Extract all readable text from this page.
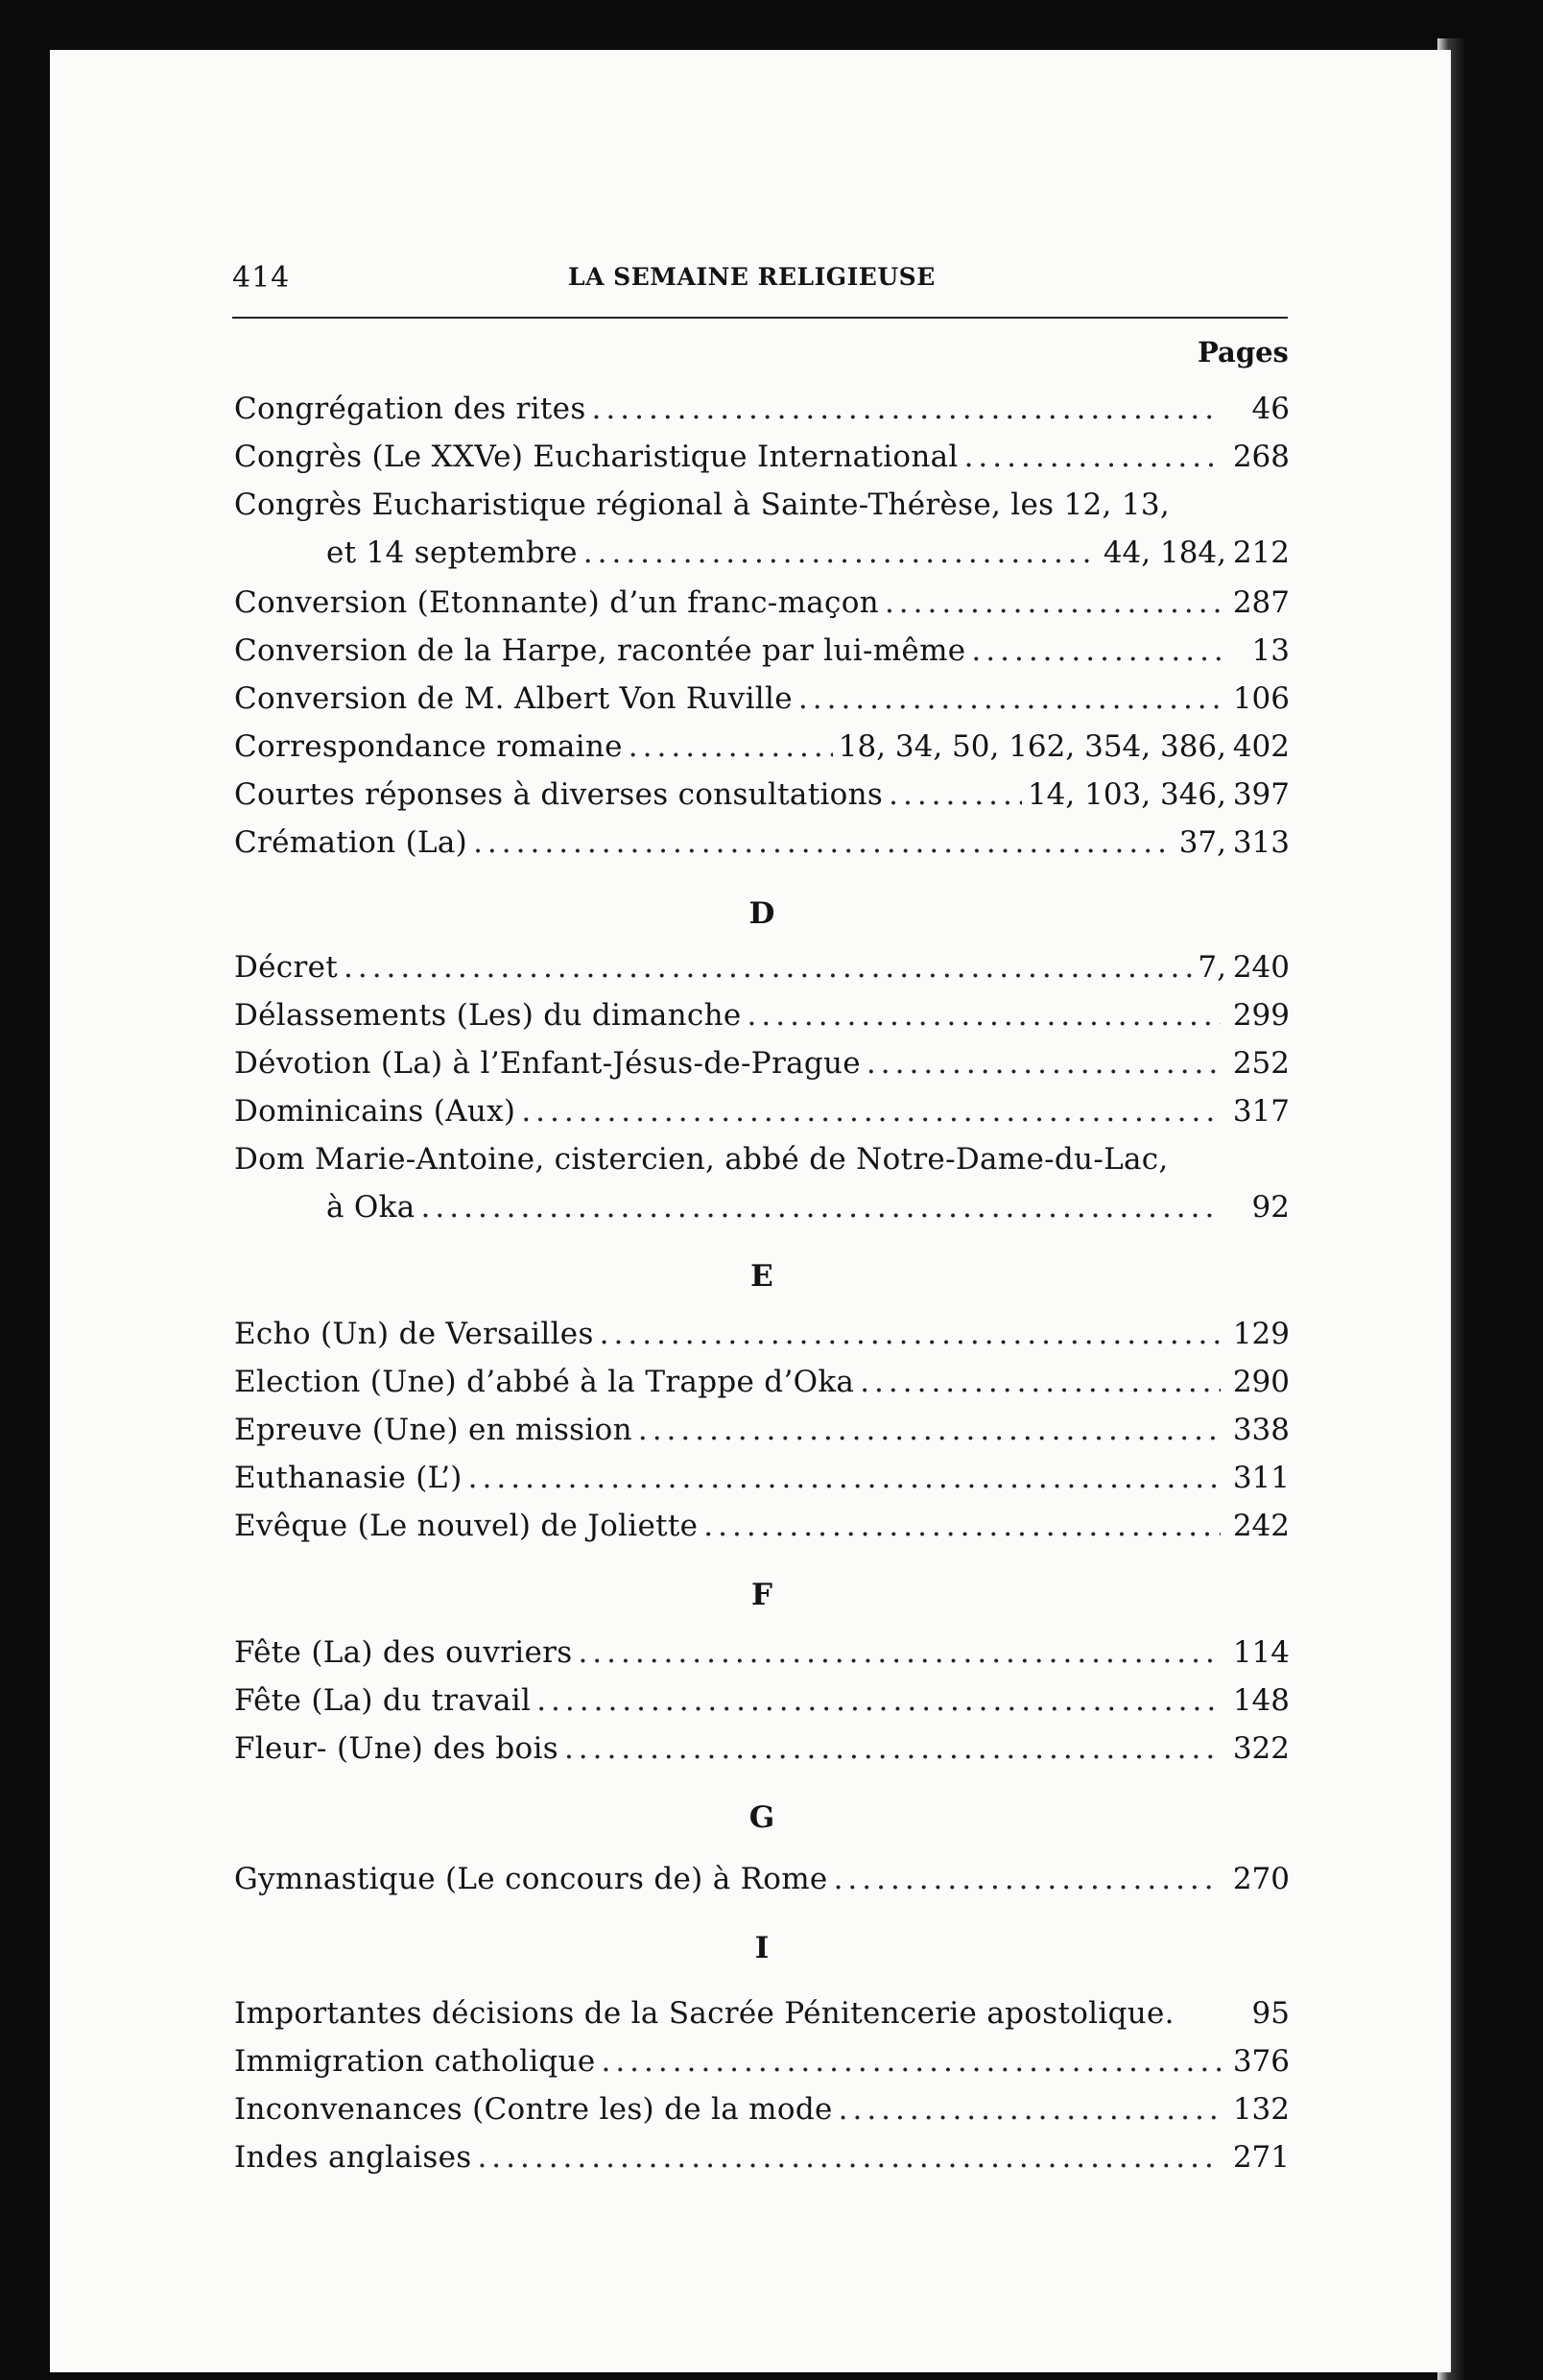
414	LA SEMAINE RELIGIEUSE
Pages
Congrégation des rites .....	46
Congrès (Le XXVe) Eucharistique International .....	268
Congrès Eucharistique régional à Sainte-Thérèse, les 12, 13,
et 14 septembre .....	44, 184, 212
Conversion (Etonnante) d’un franc-maçon .....	287
Conversion de la Harpe, racontée par lui-même .....	13
Conversion de M. Albert Von Ruville .....	106
Correspondance romaine .....	18, 34, 50, 162, 354, 386, 402
Courtes réponses à diverses consultations .....	14, 103, 346, 397
Crémation (La) .....	37, 313
D
Décret .....	7, 240
Délassements (Les) du dimanche .....	299
Dévotion (La) à l’Enfant-Jésus-de-Prague .....	252
Dominicains (Aux) .....	317
Dom Marie-Antoine, cistercien, abbé de Notre-Dame-du-Lac,
à Oka .....	92
E
Echo (Un) de Versailles .....	129
Election (Une) d’abbé à la Trappe d’Oka .....	290
Epreuve (Une) en mission .....	338
Euthanasie (L’) .....	311
Evêque (Le nouvel) de Joliette .....	242
F
Fête (La) des ouvriers .....	114
Fête (La) du travail .....	148
Fleur- (Une) des bois .....	322
G
Gymnastique (Le concours de) à Rome .....	270
I
Importantes décisions de la Sacrée Pénitencerie apostolique.	95
Immigration catholique .....	376
Inconvenances (Contre les) de la mode .....	132
Indes anglaises .....	271
